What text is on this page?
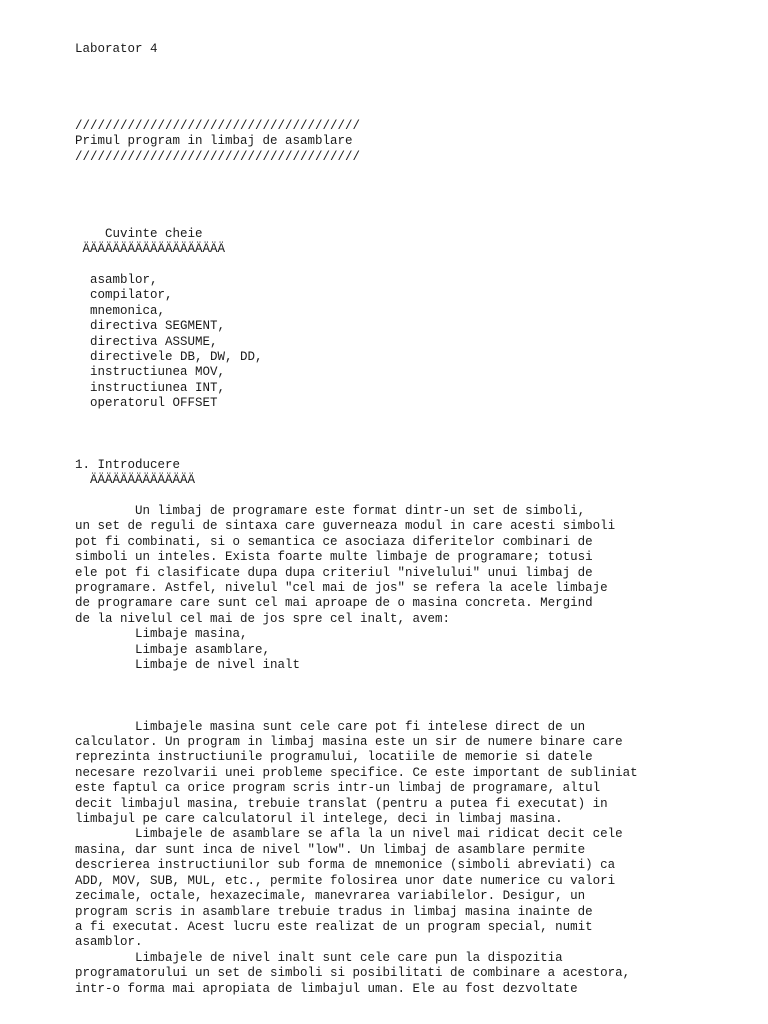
Laborator 4
//////////////////////////////////////
Primul program in limbaj de asamblare
//////////////////////////////////////
Cuvinte cheie
ÄÄÄÄÄÄÄÄÄÄÄÄÄÄÄÄÄÄÄ
asamblor,
compilator,
mnemonica,
directiva SEGMENT,
directiva ASSUME,
directivele DB, DW, DD,
instructiunea MOV,
instructiunea INT,
operatorul OFFSET
1. Introducere
ÄÄÄÄÄÄÄÄÄÄÄÄÄÄ
Un limbaj de programare este format dintr-un set de simboli,
un set de reguli de sintaxa care guverneaza modul in care acesti simboli
pot fi combinati, si o semantica ce asociaza diferitelor combinari de
simboli un inteles. Exista foarte multe limbaje de programare; totusi
ele pot fi clasificate dupa dupa criteriul "nivelului" unui limbaj de
programare. Astfel, nivelul "cel mai de jos" se refera la acele limbaje
de programare care sunt cel mai aproape de o masina concreta. Mergind
de la nivelul cel mai de jos spre cel inalt, avem:
Limbaje masina,
Limbaje asamblare,
Limbaje de nivel inalt
Limbajele masina sunt cele care pot fi intelese direct de un
calculator. Un program in limbaj masina este un sir de numere binare care
reprezinta instructiunile programului, locatiile de memorie si datele
necesare rezolvarii unei probleme specifice. Ce este important de subliniat
este faptul ca orice program scris intr-un limbaj de programare, altul
decit limbajul masina, trebuie translat (pentru a putea fi executat) in
limbajul pe care calculatorul il intelege, deci in limbaj masina.
Limbajele de asamblare se afla la un nivel mai ridicat decit cele
masina, dar sunt inca de nivel "low". Un limbaj de asamblare permite
descrierea instructiunilor sub forma de mnemonice (simboli abreviati) ca
ADD, MOV, SUB, MUL, etc., permite folosirea unor date numerice cu valori
zecimale, octale, hexazecimale, manevrarea variabilelor. Desigur, un
program scris in asamblare trebuie tradus in limbaj masina inainte de
a fi executat. Acest lucru este realizat de un program special, numit
asamblor.
Limbajele de nivel inalt sunt cele care pun la dispozitia
programatorului un set de simboli si posibilitati de combinare a acestora,
intr-o forma mai apropiata de limbajul uman. Ele au fost dezvoltate
